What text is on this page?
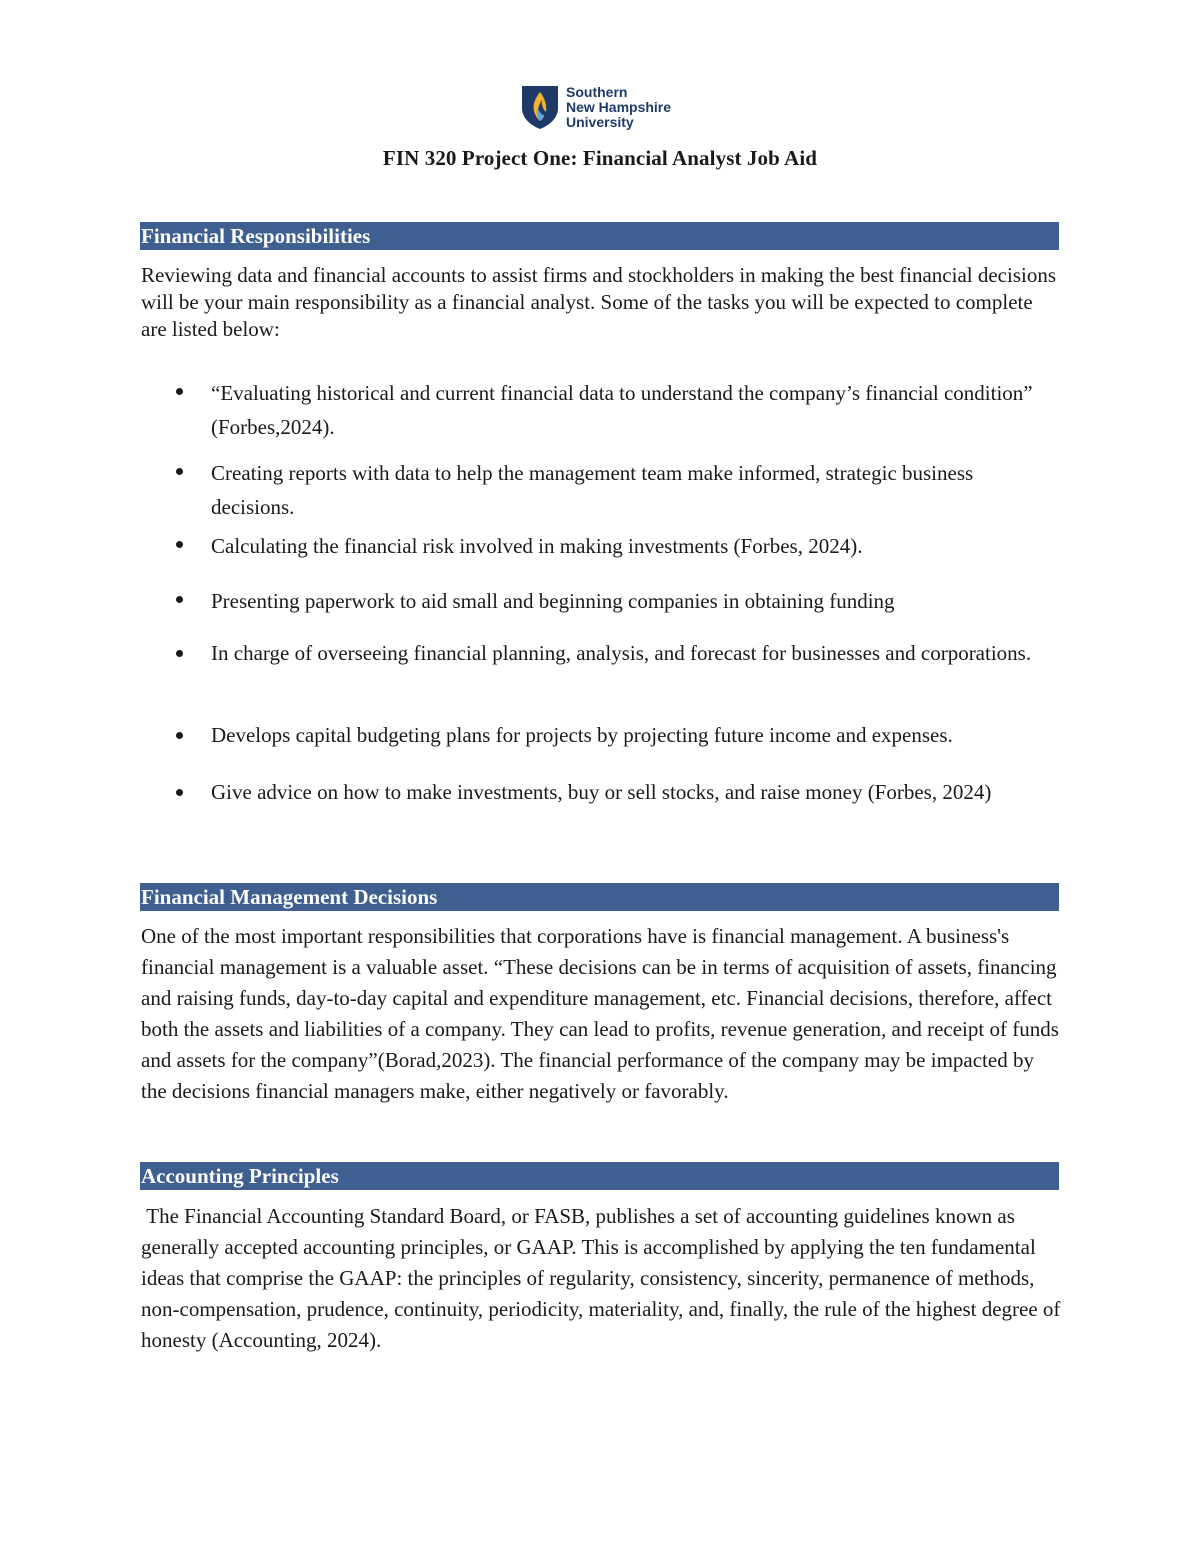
Southern
New Hampshire
University
FIN 320 Project One: Financial Analyst Job Aid
Financial Responsibilities

Reviewing data and financial accounts to assist firms and stockholders in making the best financial decisions will be your main responsibility as a financial analyst. Some of the tasks you will be expected to complete are listed below:

“Evaluating historical and current financial data to understand the company’s financial condition” (Forbes,2024).
Creating reports with data to help the management team make informed, strategic business decisions.
Calculating the financial risk involved in making investments (Forbes, 2024).
Presenting paperwork to aid small and beginning companies in obtaining funding
In charge of overseeing financial planning, analysis, and forecast for businesses and corporations.
Develops capital budgeting plans for projects by projecting future income and expenses.
Give advice on how to make investments, buy or sell stocks, and raise money (Forbes, 2024)
Financial Management Decisions

One of the most important responsibilities that corporations have is financial management. A business's financial management is a valuable asset. “These decisions can be in terms of acquisition of assets, financing and raising funds, day-to-day capital and expenditure management, etc. Financial decisions, therefore, affect both the assets and liabilities of a company. They can lead to profits, revenue generation, and receipt of funds and assets for the company”(Borad,2023). The financial performance of the company may be impacted by the decisions financial managers make, either negatively or favorably.

Accounting Principles

The Financial Accounting Standard Board, or FASB, publishes a set of accounting guidelines known as generally accepted accounting principles, or GAAP. This is accomplished by applying the ten fundamental ideas that comprise the GAAP: the principles of regularity, consistency, sincerity, permanence of methods, non-compensation, prudence, continuity, periodicity, materiality, and, finally, the rule of the highest degree of honesty (Accounting, 2024).
